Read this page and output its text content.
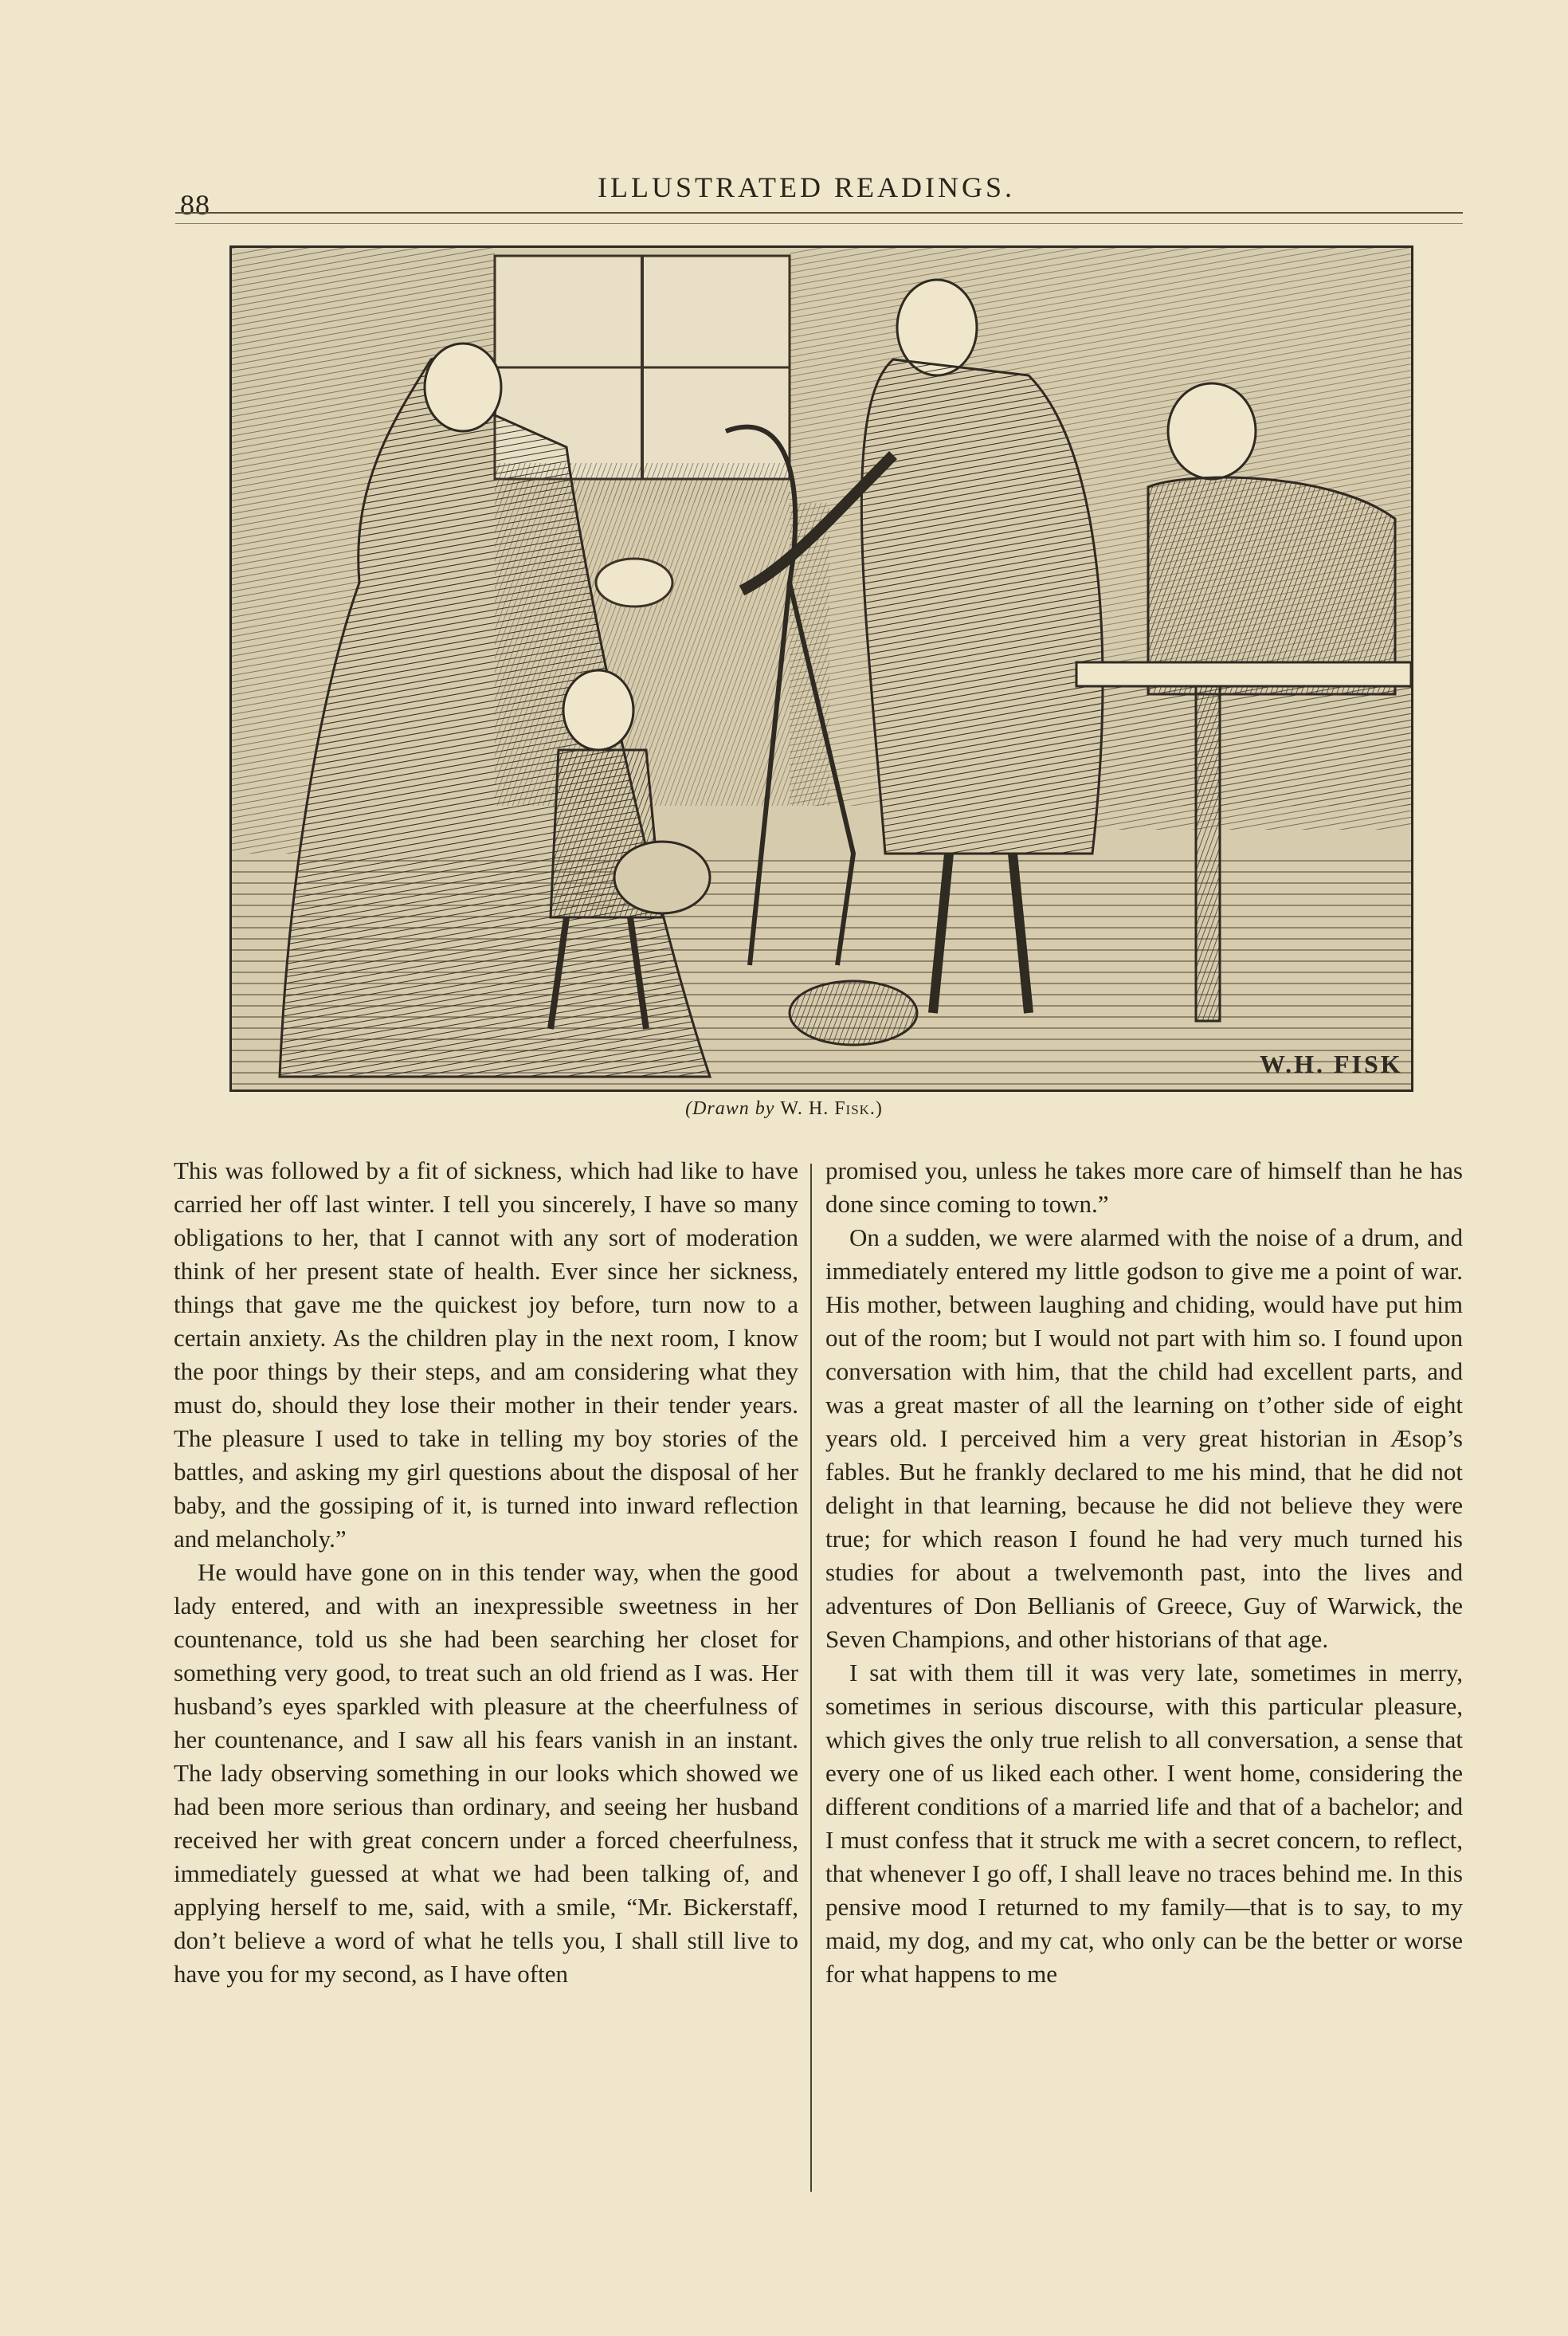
88
ILLUSTRATED READINGS.
W.H. FISK
(Drawn by W. H. Fisk.)

This was followed by a fit of sickness, which had like to have carried her off last winter. I tell you sincerely, I have so many obligations to her, that I cannot with any sort of moderation think of her present state of health. Ever since her sickness, things that gave me the quickest joy before, turn now to a certain anxiety. As the children play in the next room, I know the poor things by their steps, and am considering what they must do, should they lose their mother in their tender years. The pleasure I used to take in telling my boy stories of the battles, and asking my girl questions about the disposal of her baby, and the gossiping of it, is turned into inward reflection and melancholy.”

He would have gone on in this tender way, when the good lady entered, and with an inexpressible sweetness in her countenance, told us she had been searching her closet for something very good, to treat such an old friend as I was. Her husband’s eyes sparkled with pleasure at the cheerfulness of her countenance, and I saw all his fears vanish in an instant. The lady observing something in our looks which showed we had been more serious than ordinary, and seeing her husband received her with great concern under a forced cheerfulness, immediately guessed at what we had been talking of, and applying herself to me, said, with a smile, “Mr. Bickerstaff, don’t believe a word of what he tells you, I shall still live to have you for my second, as I have often

promised you, unless he takes more care of himself than he has done since coming to town.”

On a sudden, we were alarmed with the noise of a drum, and immediately entered my little godson to give me a point of war. His mother, between laughing and chiding, would have put him out of the room; but I would not part with him so. I found upon conversation with him, that the child had excellent parts, and was a great master of all the learning on t’other side of eight years old. I perceived him a very great historian in Æsop’s fables. But he frankly declared to me his mind, that he did not delight in that learning, because he did not believe they were true; for which reason I found he had very much turned his studies for about a twelvemonth past, into the lives and adventures of Don Bellianis of Greece, Guy of Warwick, the Seven Champions, and other historians of that age.

I sat with them till it was very late, sometimes in merry, sometimes in serious discourse, with this particular pleasure, which gives the only true relish to all conversation, a sense that every one of us liked each other. I went home, considering the different conditions of a married life and that of a bachelor; and I must confess that it struck me with a secret concern, to reflect, that whenever I go off, I shall leave no traces behind me. In this pensive mood I returned to my family—that is to say, to my maid, my dog, and my cat, who only can be the better or worse for what happens to me
